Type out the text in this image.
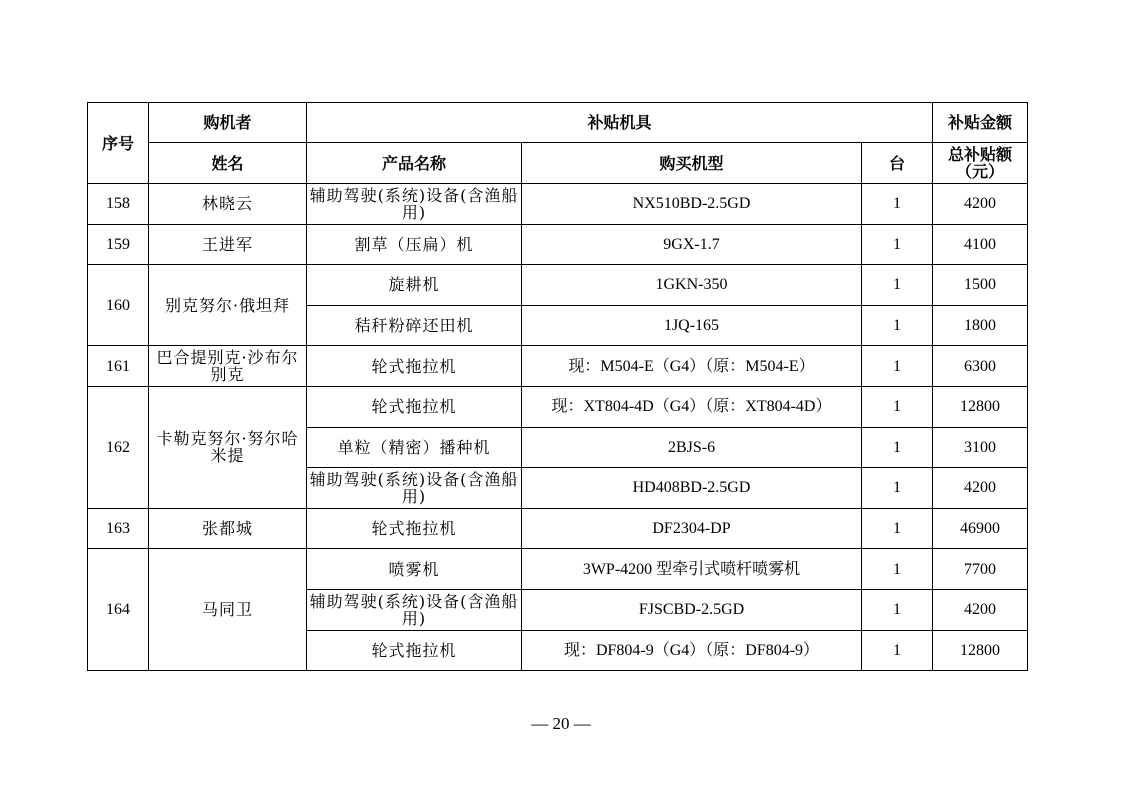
序号	购机者	补贴机具			补贴金额
	姓名	产品名称	购买机型	台	总补贴额（元）
158	林晓云	辅助驾驶(系统)设备(含渔船用)	NX510BD-2.5GD	1	4200
159	王进军	割草（压扁）机	9GX-1.7	1	4100
160	别克努尔·俄坦拜	旋耕机	1GKN-350	1	1500
		秸秆粉碎还田机	1JQ-165	1	1800
161	巴合提别克·沙布尔别克	轮式拖拉机	现：M504-E（G4）（原：M504-E）	1	6300
162	卡勒克努尔·努尔哈米提	轮式拖拉机	现：XT804-4D（G4）（原：XT804-4D）	1	12800
		单粒（精密）播种机	2BJS-6	1	3100
		辅助驾驶(系统)设备(含渔船用)	HD408BD-2.5GD	1	4200
163	张都城	轮式拖拉机	DF2304-DP	1	46900
164	马同卫	喷雾机	3WP-4200 型牵引式喷杆喷雾机	1	7700
		辅助驾驶(系统)设备(含渔船用)	FJSCBD-2.5GD	1	4200
		轮式拖拉机	现：DF804-9（G4）（原：DF804-9）	1	12800
— 20 —
